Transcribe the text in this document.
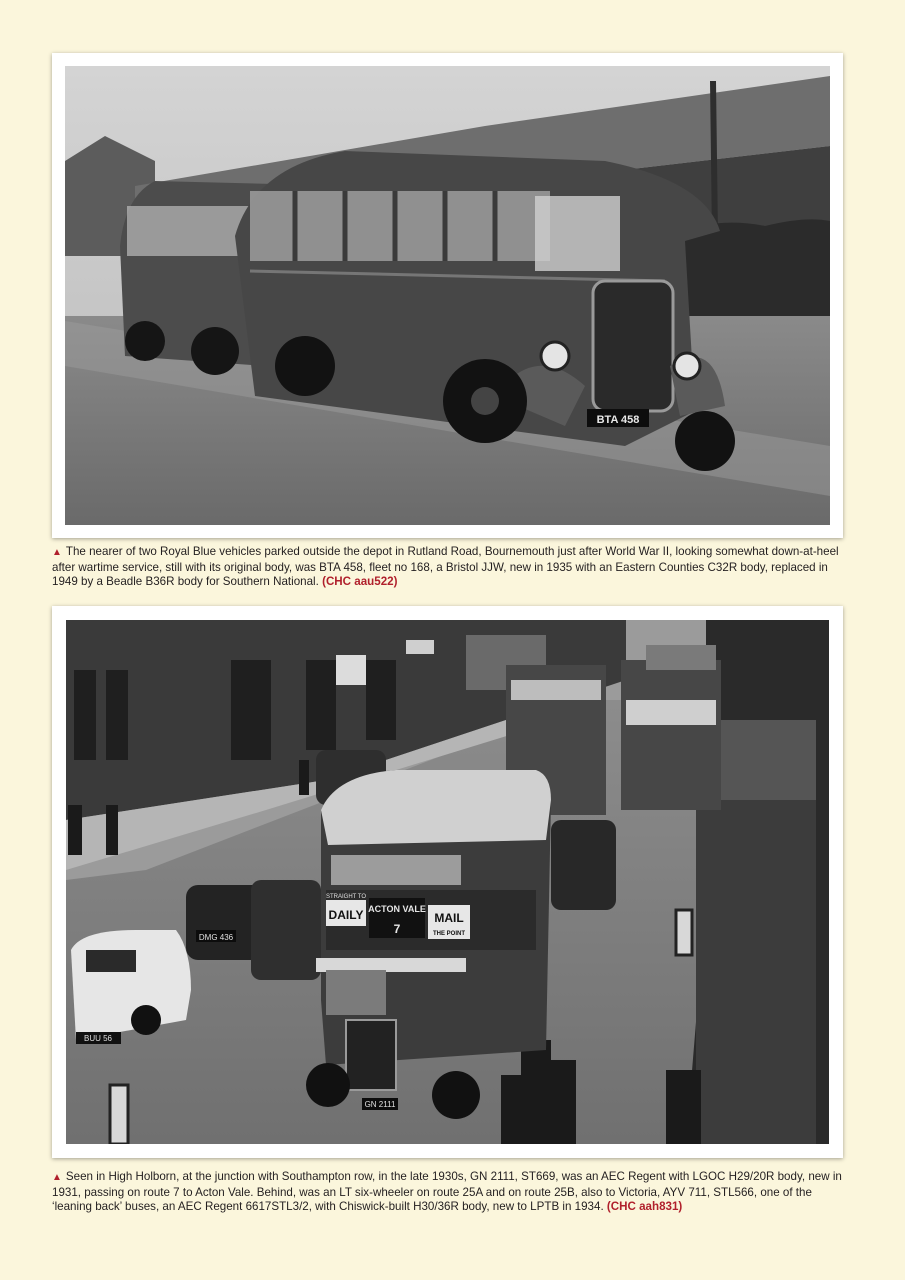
BTA 458
▲ The nearer of two Royal Blue vehicles parked outside the depot in Rutland Road, Bournemouth just after World War II, looking somewhat down-at-heel after wartime service, still with its original body, was BTA 458, fleet no 168, a Bristol JJW, new in 1935 with an Eastern Counties C32R body, replaced in 1949 by a Beadle B36R body for Southern National. (CHC aau522)
DMG 436
BUU 56
DAILY
STRAIGHT TO
ACTON VALE
7
MAIL
THE POINT
GN 2111
▲ Seen in High Holborn, at the junction with Southampton row, in the late 1930s, GN 2111, ST669, was an AEC Regent with LGOC H29/20R body, new in 1931, passing on route 7 to Acton Vale. Behind, was an LT six-wheeler on route 25A and on route 25B, also to Victoria, AYV 711, STL566, one of the ‘leaning back’ buses, an AEC Regent 6617STL3/2, with Chiswick-built H30/36R body, new to LPTB in 1934. (CHC aah831)
